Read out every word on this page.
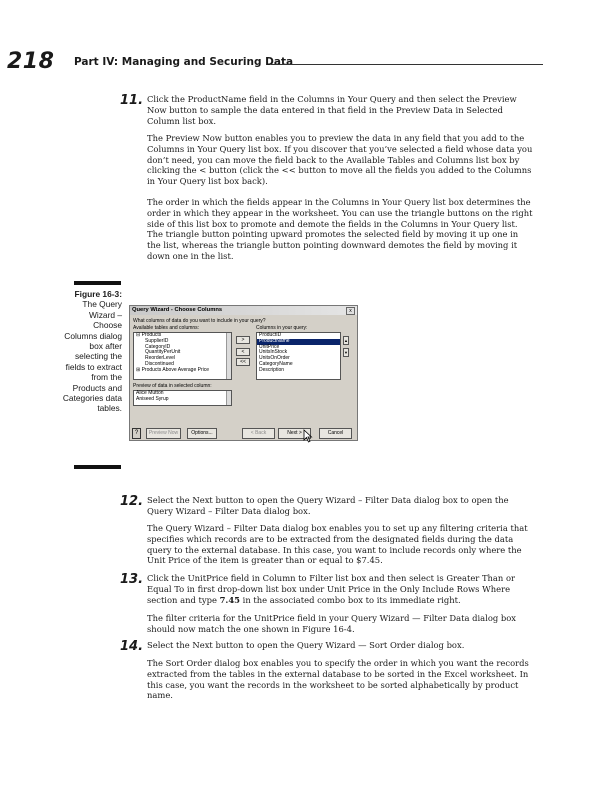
218 Part IV: Managing and Securing Data
11. Click the ProductName field in the Columns in Your Query and then select the Preview Now button to sample the data entered in that field in the Preview Data in Selected Column list box.
The Preview Now button enables you to preview the data in any field that you add to the Columns in Your Query list box. If you discover that you’ve selected a field whose data you don’t need, you can move the field back to the Available Tables and Columns list box by clicking the < button (click the << button to move all the fields you added to the Columns in Your Query list box back).
The order in which the fields appear in the Columns in Your Query list box determines the order in which they appear in the worksheet. You can use the triangle buttons on the right side of this list box to promote and demote the fields in the Columns in Your Query list. The triangle button pointing upward promotes the selected field by moving it up one in the list, whereas the triangle button pointing downward demotes the field by moving it down one in the list.
Figure 16-3:
The Query Wizard – Choose Columns dialog box after selecting the fields to extract from the Products and Categories data tables.
Query Wizard - Choose Columns	x
What columns of data do you want to include in your query?
Available tables and columns:
⊟ Products
SupplierID
CategoryID
QuantityPerUnit
ReorderLevel
Discontinued
⊞ Products Above Average Price
>
<
<<
Columns in your query:
ProductID
ProductName
UnitPrice
UnitsInStock
UnitsOnOrder
CategoryName
Description
▲
▼
Preview of data in selected column:
Alice Mutton
Aniseed Syrup
?	Preview Now	Options...	< Back	Next >	Cancel
12. Select the Next button to open the Query Wizard – Filter Data dialog box to open the Query Wizard – Filter Data dialog box.
The Query Wizard – Filter Data dialog box enables you to set up any filtering criteria that specifies which records are to be extracted from the designated fields during the data query to the external database. In this case, you want to include records only where the Unit Price of the item is greater than or equal to $7.45.
13. Click the UnitPrice field in Column to Filter list box and then select is Greater Than or Equal To in first drop-down list box under Unit Price in the Only Include Rows Where section and type 7.45 in the associated combo box to its immediate right.
The filter criteria for the UnitPrice field in your Query Wizard — Filter Data dialog box should now match the one shown in Figure 16-4.
14. Select the Next button to open the Query Wizard — Sort Order dialog box.
The Sort Order dialog box enables you to specify the order in which you want the records extracted from the tables in the external database to be sorted in the Excel worksheet. In this case, you want the records in the worksheet to be sorted alphabetically by product name.
